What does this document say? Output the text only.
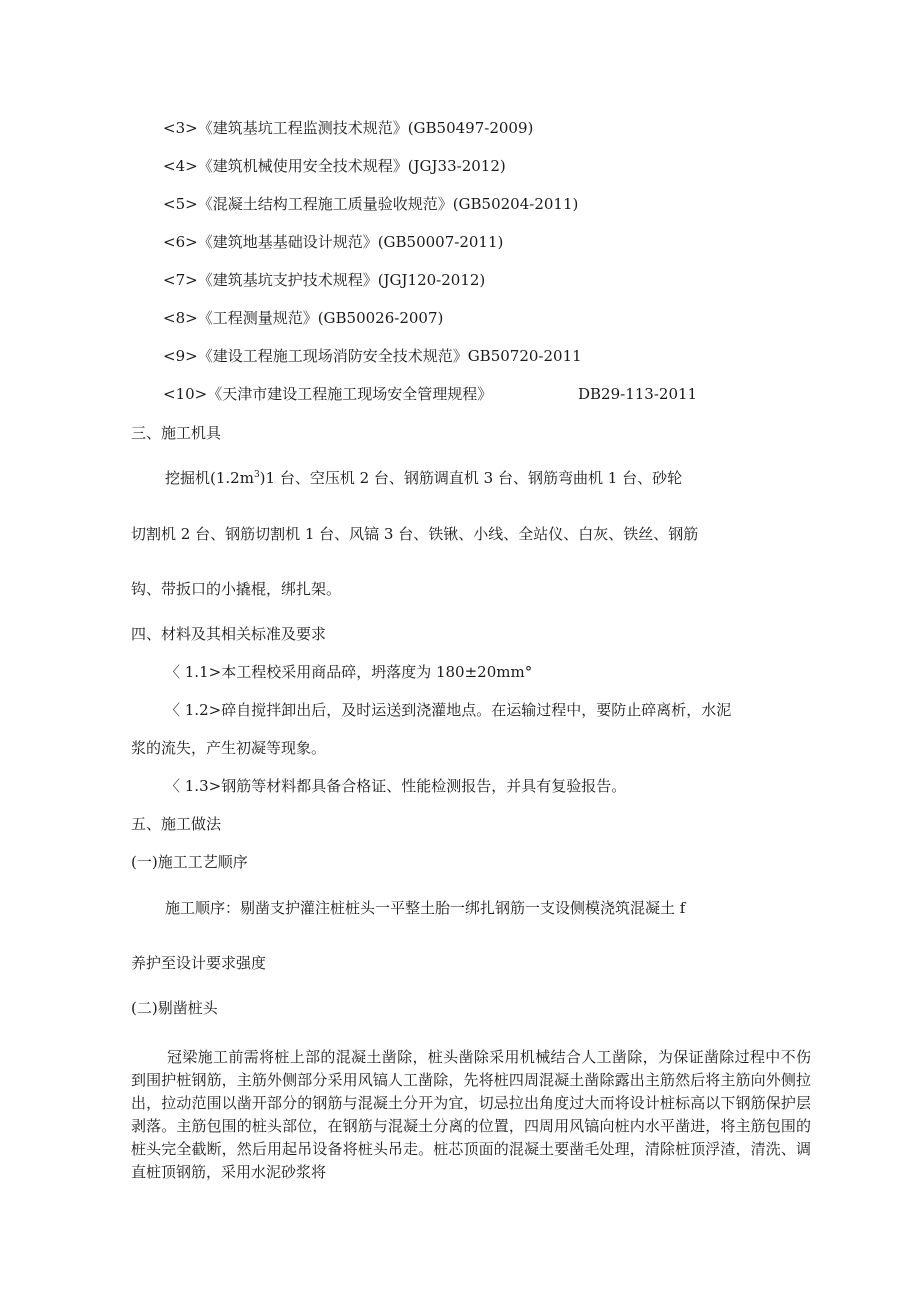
<3>《建筑基坑工程监测技术规范》(GB50497-2009)
<4>《建筑机械使用安全技术规程》(JGJ33-2012)
<5>《混凝土结构工程施工质量验收规范》(GB50204-2011)
<6>《建筑地基基础设计规范》(GB50007-2011)
<7>《建筑基坑支护技术规程》(JGJ120-2012)
<8>《工程测量规范》(GB50026-2007)
<9>《建设工程施工现场消防安全技术规范》GB50720-2011
<10>《天津市建设工程施工现场安全管理规程》	DB29-113-2011
三、施工机具
挖掘机$(1.2m^3)1$ 台、空压机 2 台、钢筋调直机 3 台、钢筋弯曲机 1 台、砂轮
切割机 2 台、钢筋切割机 1 台、风镐 3 台、铁锹、小线、全站仪、白灰、铁丝、钢筋
钩、带扳口的小撬棍，绑扎架。
四、材料及其相关标准及要求
〈 1.1>本工程校采用商品碎，坍落度为 180±20mm°
〈 1.2>碎自搅拌卸出后，及时运送到浇灌地点。在运输过程中，要防止碎离析，水泥
浆的流失，产生初凝等现象。
〈 1.3>钢筋等材料都具备合格证、性能检测报告，并具有复验报告。
五、施工做法
(一)施工工艺顺序
施工顺序：剔凿支护灌注桩桩头一平整土胎一绑扎钢筋一支设侧模浇筑混凝土 f
养护至设计要求强度
(二)剔凿桩头
冠梁施工前需将桩上部的混凝土凿除，桩头凿除采用机械结合人工凿除，为保证凿除过程中不伤到围护桩钢筋，主筋外侧部分采用风镐人工凿除，先将桩四周混凝土凿除露出主筋然后将主筋向外侧拉出，拉动范围以凿开部分的钢筋与混凝土分开为宜，切忌拉出角度过大而将设计桩标高以下钢筋保护层剥落。主筋包围的桩头部位，在钢筋与混凝土分离的位置，四周用风镐向桩内水平凿进，将主筋包围的桩头完全截断，然后用起吊设备将桩头吊走。桩芯顶面的混凝土要凿毛处理，清除桩顶浮渣，清洗、调直桩顶钢筋，采用水泥砂浆将
